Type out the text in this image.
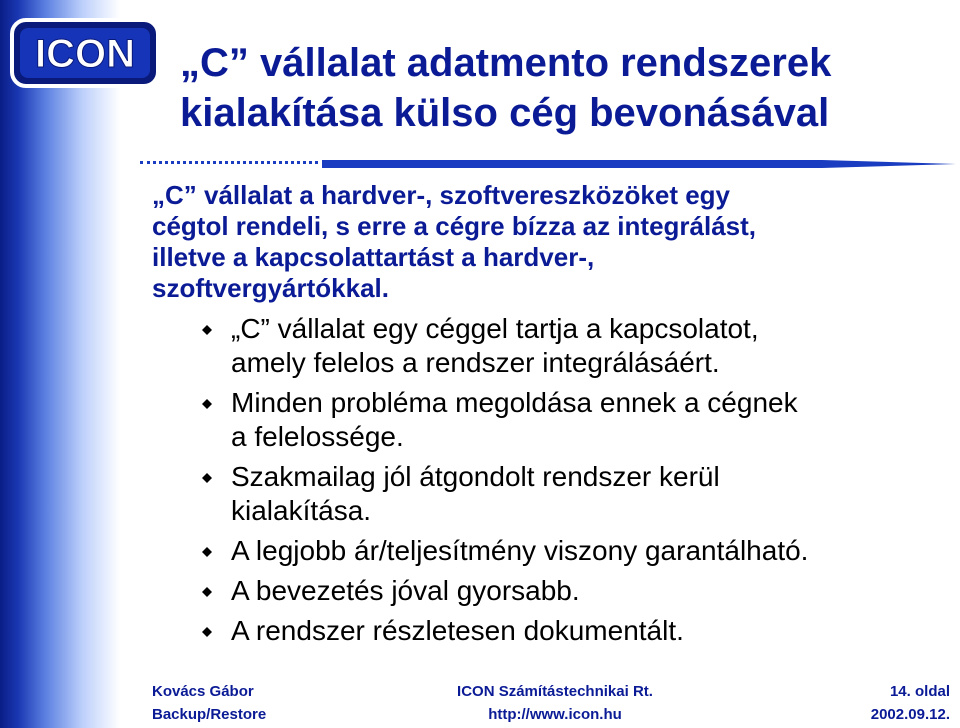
ICON „C” vállalat adatmento rendszerek
kialakítása külso cég bevonásával
„C” vállalat a hardver-, szoftvereszközöket egy
cégtol rendeli, s erre a cégre bízza az integrálást,
illetve a kapcsolattartást a hardver-,
szoftvergyártókkal.
„C” vállalat egy céggel tartja a kapcsolatot,
amely felelos a rendszer integrálásáért.
Minden probléma megoldása ennek a cégnek
a felelossége.
Szakmailag jól átgondolt rendszer kerül
kialakítása.
A legjobb ár/teljesítmény viszony garantálható.
A bevezetés jóval gyorsabb.
A rendszer részletesen dokumentált.
Kovács Gábor
Backup/Restore
ICON Számítástechnikai Rt.
http://www.icon.hu
14. oldal
2002.09.12.
